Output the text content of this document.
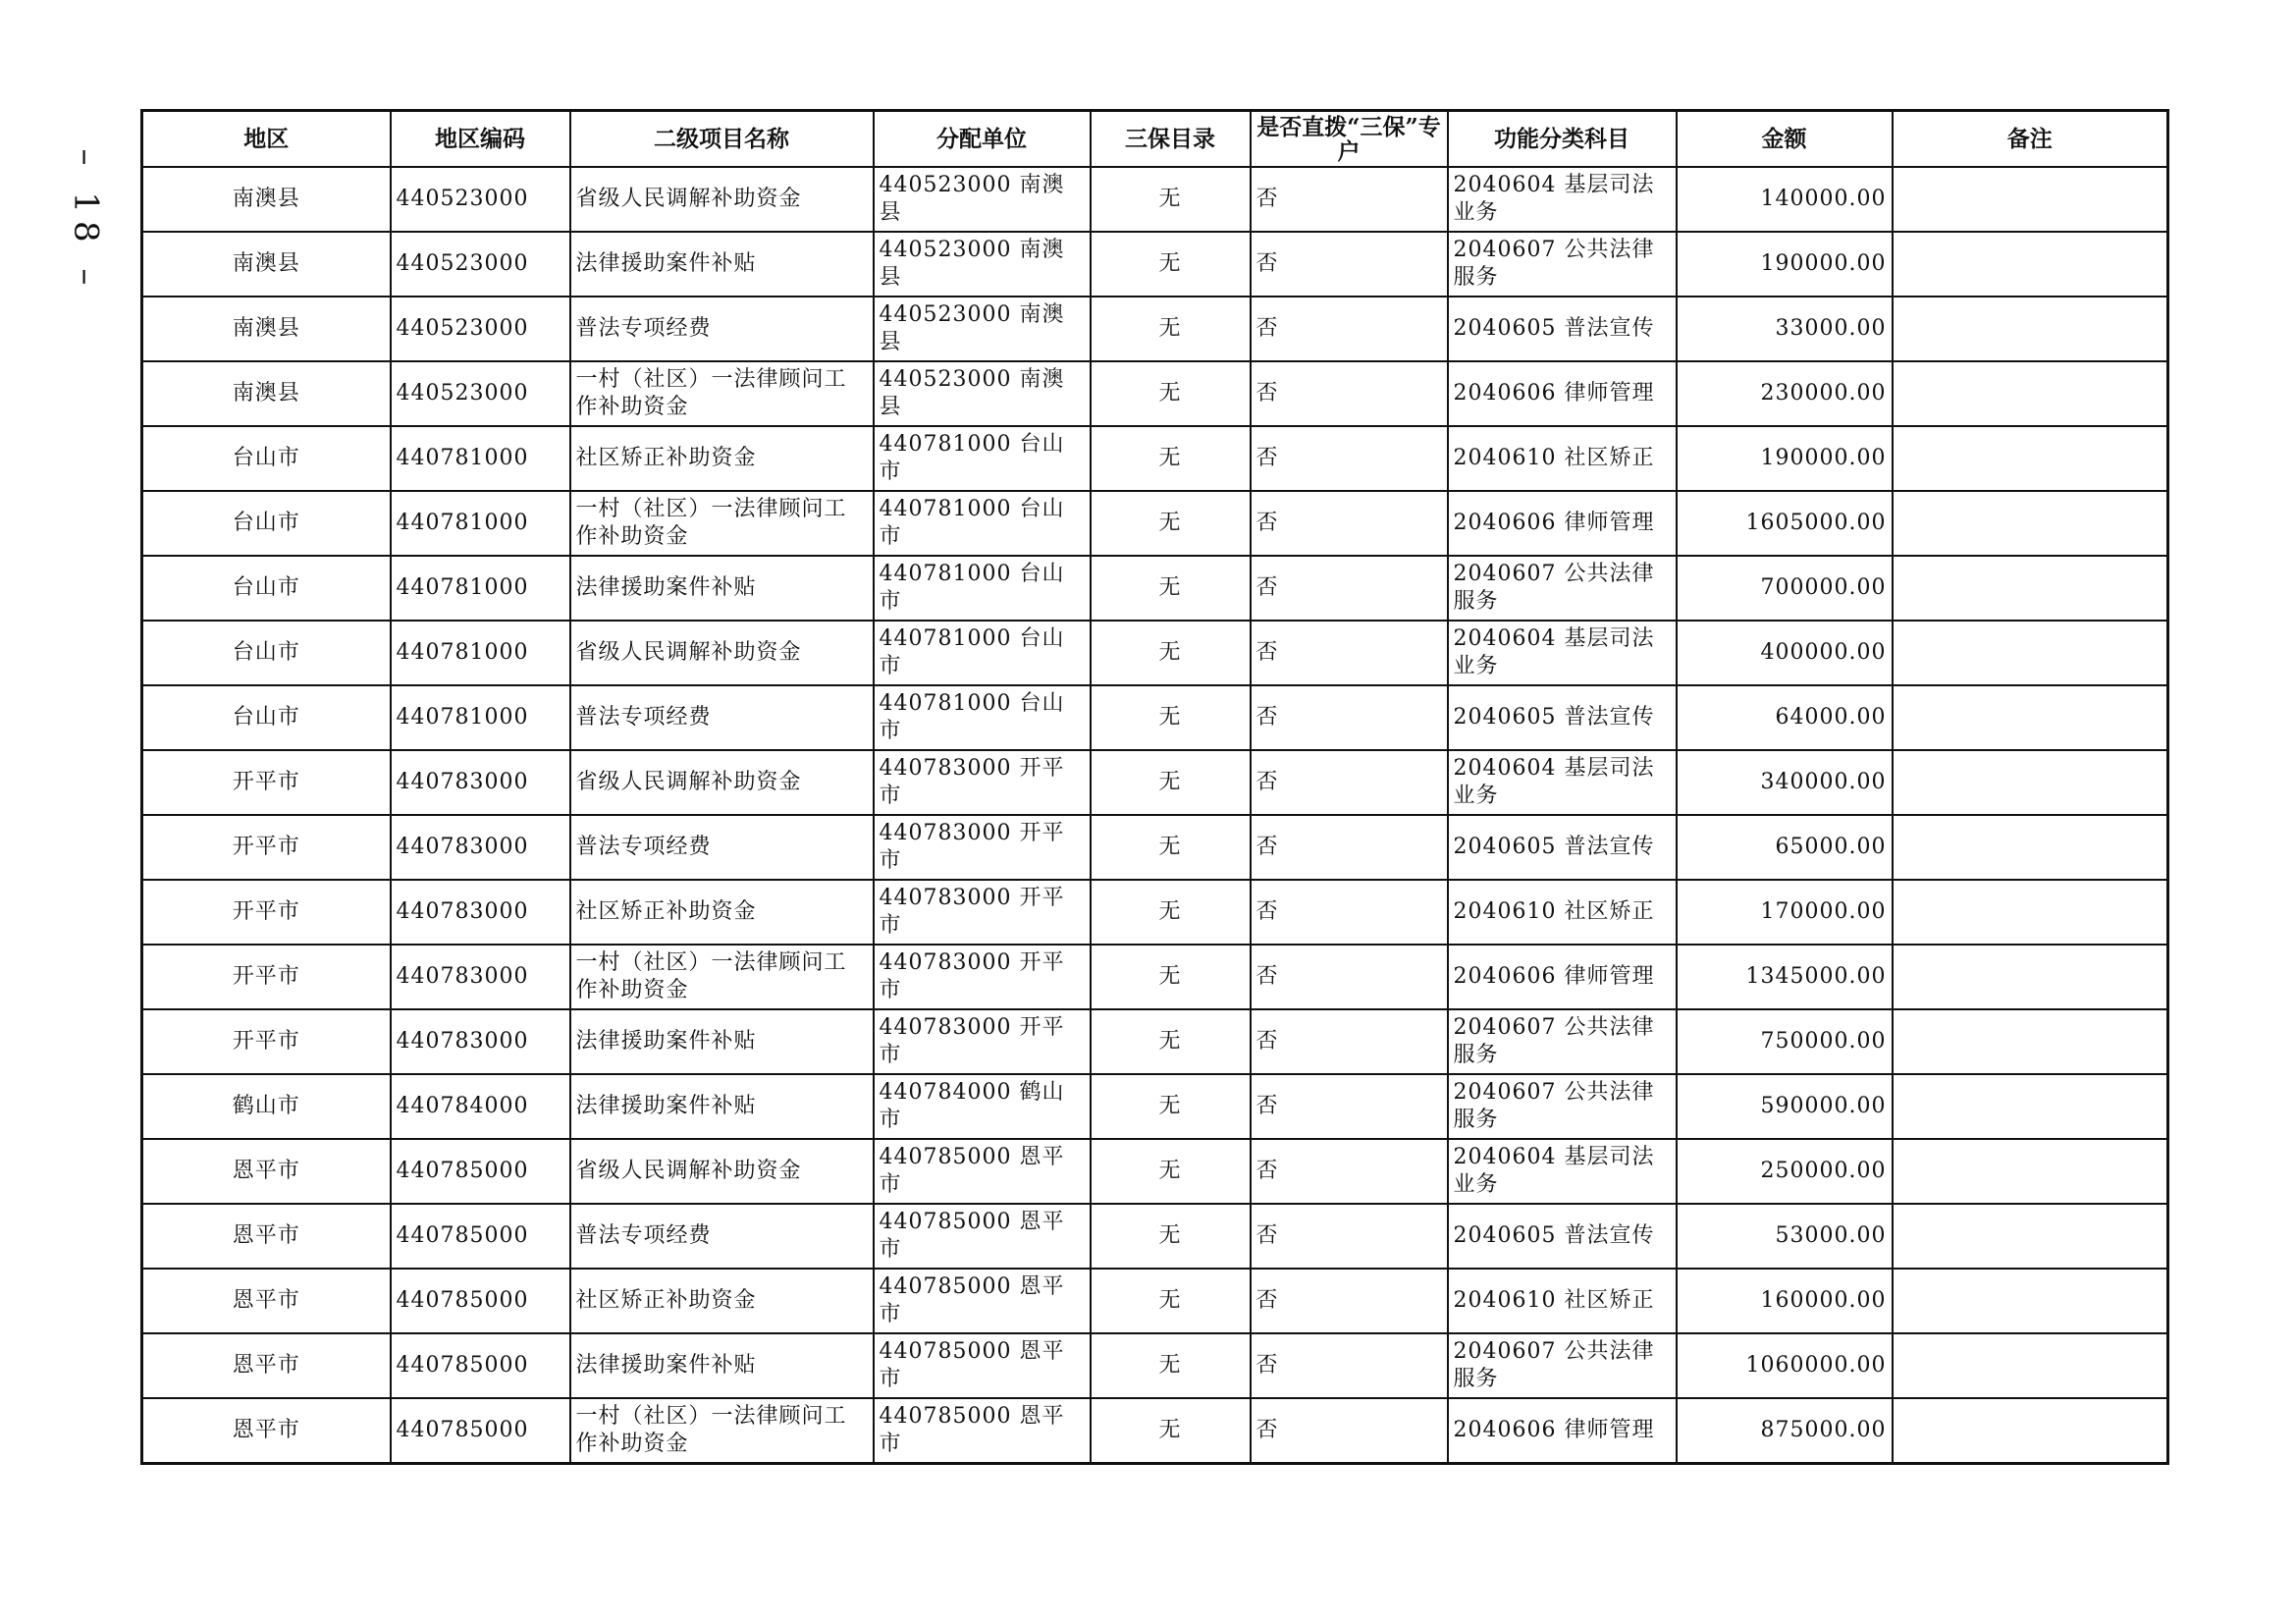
– 18 –
地区	地区编码	二级项目名称	分配单位	三保目录	是否直拨“三保”专户	功能分类科目	金额	备注
南澳县	440523000	省级人民调解补助资金	440523000 南澳县	无	否	2040604 基层司法业务	140000.00	
南澳县	440523000	法律援助案件补贴	440523000 南澳县	无	否	2040607 公共法律服务	190000.00	
南澳县	440523000	普法专项经费	440523000 南澳县	无	否	2040605 普法宣传	33000.00	
南澳县	440523000	一村（社区）一法律顾问工作补助资金	440523000 南澳县	无	否	2040606 律师管理	230000.00	
台山市	440781000	社区矫正补助资金	440781000 台山市	无	否	2040610 社区矫正	190000.00	
台山市	440781000	一村（社区）一法律顾问工作补助资金	440781000 台山市	无	否	2040606 律师管理	1605000.00	
台山市	440781000	法律援助案件补贴	440781000 台山市	无	否	2040607 公共法律服务	700000.00	
台山市	440781000	省级人民调解补助资金	440781000 台山市	无	否	2040604 基层司法业务	400000.00	
台山市	440781000	普法专项经费	440781000 台山市	无	否	2040605 普法宣传	64000.00	
开平市	440783000	省级人民调解补助资金	440783000 开平市	无	否	2040604 基层司法业务	340000.00	
开平市	440783000	普法专项经费	440783000 开平市	无	否	2040605 普法宣传	65000.00	
开平市	440783000	社区矫正补助资金	440783000 开平市	无	否	2040610 社区矫正	170000.00	
开平市	440783000	一村（社区）一法律顾问工作补助资金	440783000 开平市	无	否	2040606 律师管理	1345000.00	
开平市	440783000	法律援助案件补贴	440783000 开平市	无	否	2040607 公共法律服务	750000.00	
鹤山市	440784000	法律援助案件补贴	440784000 鹤山市	无	否	2040607 公共法律服务	590000.00	
恩平市	440785000	省级人民调解补助资金	440785000 恩平市	无	否	2040604 基层司法业务	250000.00	
恩平市	440785000	普法专项经费	440785000 恩平市	无	否	2040605 普法宣传	53000.00	
恩平市	440785000	社区矫正补助资金	440785000 恩平市	无	否	2040610 社区矫正	160000.00	
恩平市	440785000	法律援助案件补贴	440785000 恩平市	无	否	2040607 公共法律服务	1060000.00	
恩平市	440785000	一村（社区）一法律顾问工作补助资金	440785000 恩平市	无	否	2040606 律师管理	875000.00	
